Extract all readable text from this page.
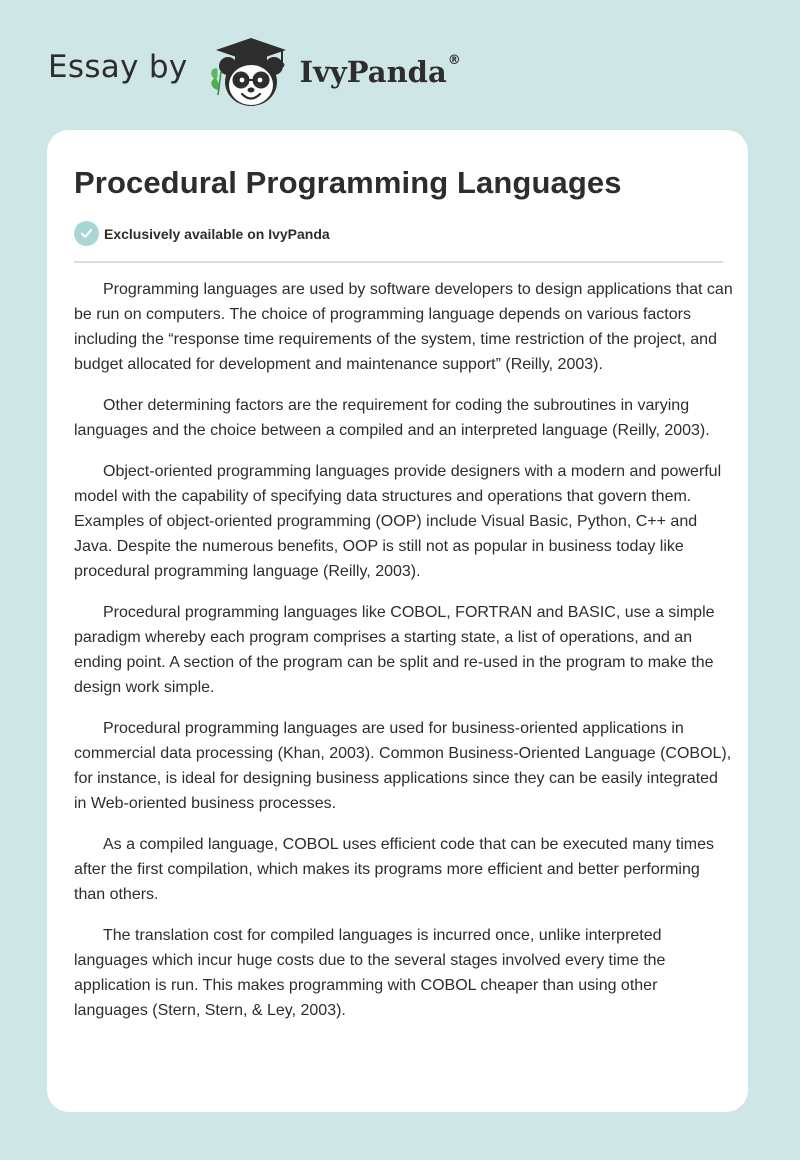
Essay by	IvyPanda ®
Procedural Programming Languages
Exclusively available on IvyPanda

Programming languages are used by software developers to design applications that can be run on computers. The choice of programming language depends on various factors including the “response time requirements of the system, time restriction of the project, and budget allocated for development and maintenance support” (Reilly, 2003).

Other determining factors are the requirement for coding the subroutines in varying languages and the choice between a compiled and an interpreted language (Reilly, 2003).

Object-oriented programming languages provide designers with a modern and powerful model with the capability of specifying data structures and operations that govern them. Examples of object-oriented programming (OOP) include Visual Basic, Python, C++ and Java. Despite the numerous benefits, OOP is still not as popular in business today like procedural programming language (Reilly, 2003).

Procedural programming languages like COBOL, FORTRAN and BASIC, use a simple paradigm whereby each program comprises a starting state, a list of operations, and an ending point. A section of the program can be split and re-used in the program to make the design work simple.

Procedural programming languages are used for business-oriented applications in commercial data processing (Khan, 2003). Common Business-Oriented Language (COBOL), for instance, is ideal for designing business applications since they can be easily integrated in Web-oriented business processes.

As a compiled language, COBOL uses efficient code that can be executed many times after the first compilation, which makes its programs more efficient and better performing than others.

The translation cost for compiled languages is incurred once, unlike interpreted languages which incur huge costs due to the several stages involved every time the application is run. This makes programming with COBOL cheaper than using other languages (Stern, Stern, & Ley, 2003).
